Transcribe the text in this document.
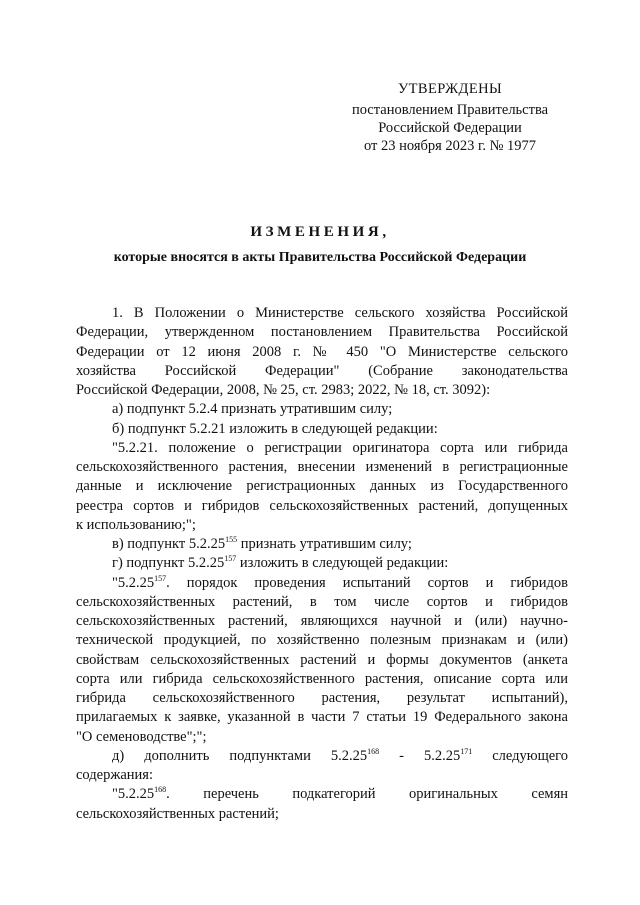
УТВЕРЖДЕНЫ
постановлением Правительства
Российской Федерации
от 23 ноября 2023 г. № 1977
ИЗМЕНЕНИЯ,
которые вносятся в акты Правительства Российской Федерации
1. В Положении о Министерстве сельского хозяйства Российской
Федерации, утвержденном постановлением Правительства Российской
Федерации от 12 июня 2008 г. № 450 "О Министерстве сельского
хозяйства Российской Федерации" (Собрание законодательства
Российской Федерации, 2008, № 25, ст. 2983; 2022, № 18, ст. 3092):
а) подпункт 5.2.4 признать утратившим силу;
б) подпункт 5.2.21 изложить в следующей редакции:
"5.2.21. положение о регистрации оригинатора сорта или гибрида
сельскохозяйственного растения, внесении изменений в регистрационные
данные и исключение регистрационных данных из Государственного
реестра сортов и гибридов сельскохозяйственных растений, допущенных
к использованию;";
в) подпункт 5.2.25$^{155}$ признать утратившим силу;
г) подпункт 5.2.25$^{157}$ изложить в следующей редакции:
"5.2.25$^{157}$. порядок проведения испытаний сортов и гибридов
сельскохозяйственных растений, в том числе сортов и гибридов
сельскохозяйственных растений, являющихся научной и (или) научно-
технической продукцией, по хозяйственно полезным признакам и (или)
свойствам сельскохозяйственных растений и формы документов (анкета
сорта или гибрида сельскохозяйственного растения, описание сорта или
гибрида сельскохозяйственного растения, результат испытаний),
прилагаемых к заявке, указанной в части 7 статьи 19 Федерального закона
"О семеноводстве";";
д) дополнить подпунктами 5.2.25$^{168}$ - 5.2.25$^{171}$ следующего
содержания:
"5.2.25$^{168}$. перечень подкатегорий оригинальных семян
сельскохозяйственных растений;
